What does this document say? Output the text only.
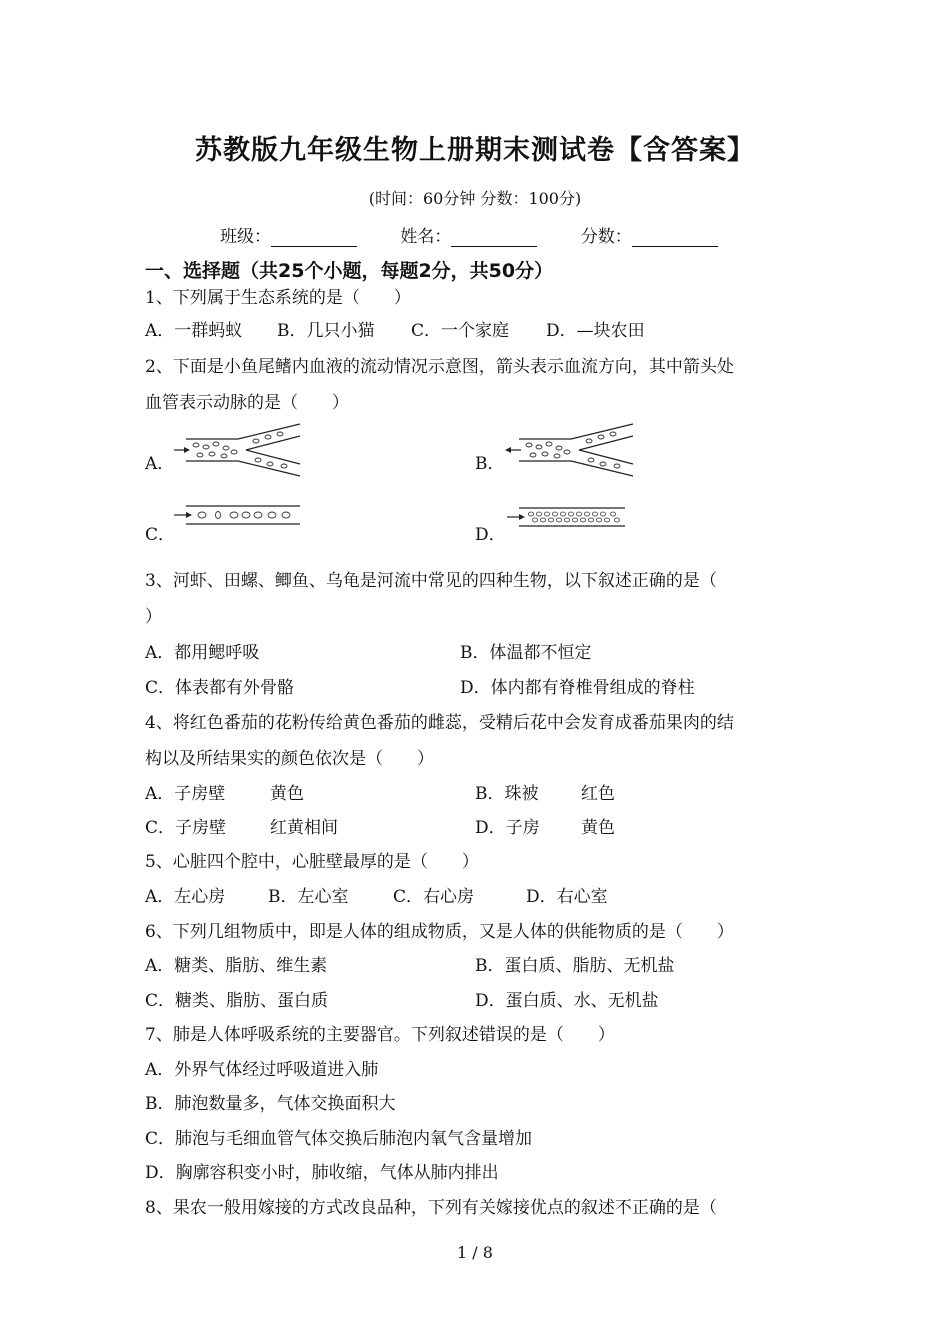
苏教版九年级生物上册期末测试卷【含答案】
(时间：60分钟 分数：100分)
班级：	姓名：	分数：
一、选择题（共25个小题，每题2分，共50分）
1、下列属于生态系统的是（　　）
A．一群蚂蚁 B．几只小猫 C．一个家庭 D．—块农田
2、下面是小鱼尾鳍内血液的流动情况示意图，箭头表示血流方向，其中箭头处
血管表示动脉的是（　　）
A．	B．
C．	D．
3、河虾、田螺、鲫鱼、乌龟是河流中常见的四种生物，以下叙述正确的是（
）
A．都用鳃呼吸	B．体温都不恒定
C．体表都有外骨骼	D．体内都有脊椎骨组成的脊柱
4、将红色番茄的花粉传给黄色番茄的雌蕊，受精后花中会发育成番茄果肉的结
构以及所结果实的颜色依次是（　　）
A．子房壁	黄色	B．珠被	红色
C．子房壁	红黄相间	D．子房 黄色
5、心脏四个腔中，心脏壁最厚的是（　　）
A．左心房	B．左心室	C．右心房	D．右心室
6、下列几组物质中，即是人体的组成物质，又是人体的供能物质的是（　　）
A．糖类、脂肪、维生素	B．蛋白质、脂肪、无机盐
C．糖类、脂肪、蛋白质	D．蛋白质、水、无机盐
7、肺是人体呼吸系统的主要器官。下列叙述错误的是（　　）
A．外界气体经过呼吸道进入肺
B．肺泡数量多，气体交换面积大
C．肺泡与毛细血管气体交换后肺泡内氧气含量增加
D．胸廓容积变小时，肺收缩，气体从肺内排出
8、果农一般用嫁接的方式改良品种，下列有关嫁接优点的叙述不正确的是（
1 / 8
